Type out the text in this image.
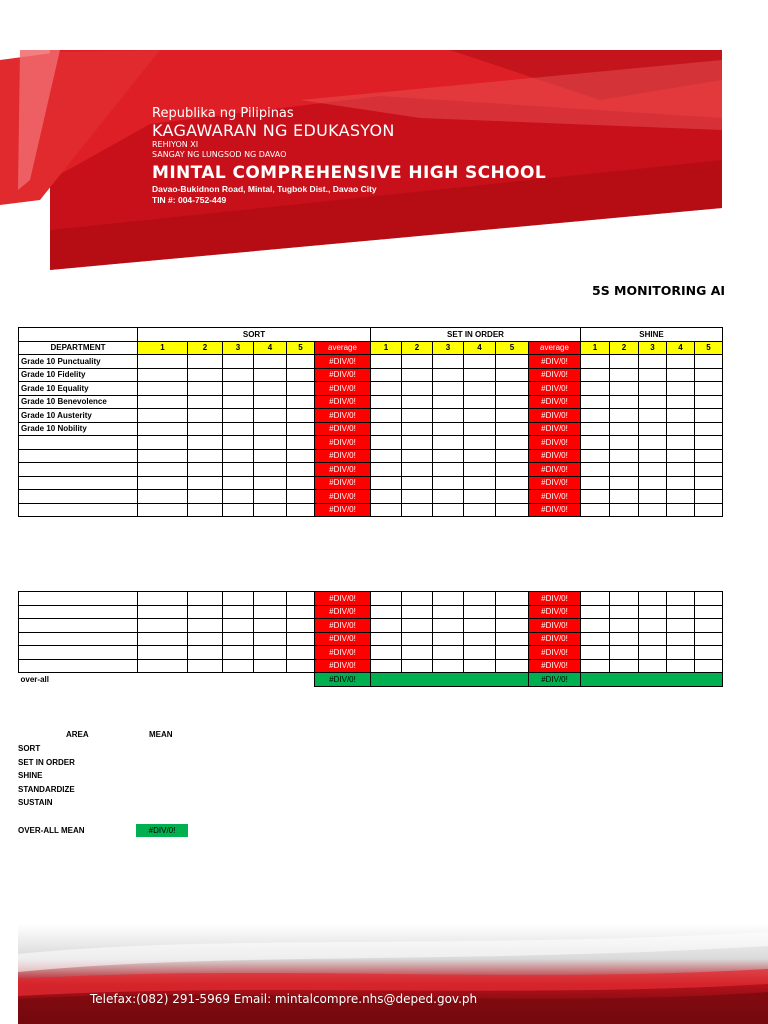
Republika ng Pilipinas
KAGAWARAN NG EDUKASYON
REHIYON XI
SANGAY NG LUNGSOD NG DAVAO
MINTAL COMPREHENSIVE HIGH SCHOOL
Davao-Bukidnon Road, Mintal, Tugbok Dist., Davao City
TIN #: 004-752-449
5S MONITORING AI
	SORT						SET IN ORDER						SHINE				
DEPARTMENT	1	2	3	4	5	average	1	2	3	4	5	average	1	2	3	4	5
Grade 10 Punctuality						#DIV/0!						#DIV/0!					
Grade 10 Fidelity						#DIV/0!						#DIV/0!					
Grade 10 Equality						#DIV/0!						#DIV/0!					
Grade 10 Benevolence						#DIV/0!						#DIV/0!					
Grade 10 Austerity						#DIV/0!						#DIV/0!					
Grade 10 Nobility						#DIV/0!						#DIV/0!					
						#DIV/0!						#DIV/0!					
						#DIV/0!						#DIV/0!					
						#DIV/0!						#DIV/0!					
						#DIV/0!						#DIV/0!					
						#DIV/0!						#DIV/0!					
						#DIV/0!						#DIV/0!					
						#DIV/0!						#DIV/0!					
						#DIV/0!						#DIV/0!					
						#DIV/0!						#DIV/0!					
						#DIV/0!						#DIV/0!					
						#DIV/0!						#DIV/0!					
						#DIV/0!						#DIV/0!					
over-all						#DIV/0!						#DIV/0!					
AREA	MEAN
SORT
SET IN ORDER
SHINE
STANDARDIZE
SUSTAIN
OVER-ALL MEAN	#DIV/0!
Telefax:(082) 291-5969 Email: mintalcompre.nhs@deped.gov.ph
